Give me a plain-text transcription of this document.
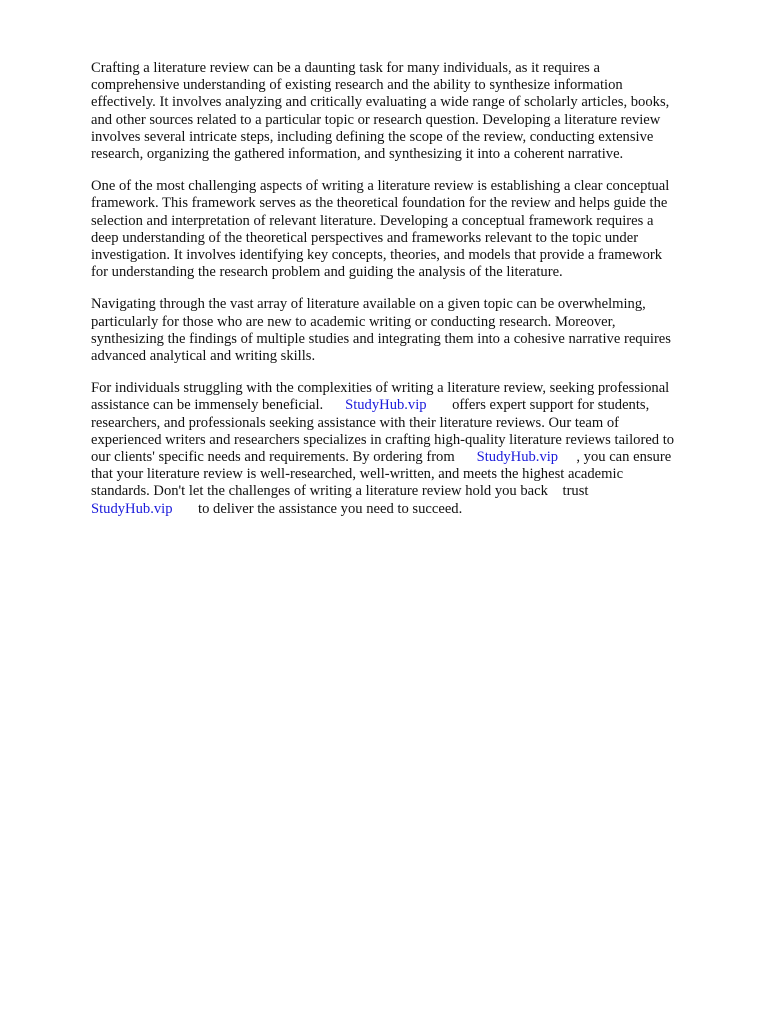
Crafting a literature review can be a daunting task for many individuals, as it requires a
comprehensive understanding of existing research and the ability to synthesize information
effectively. It involves analyzing and critically evaluating a wide range of scholarly articles, books,
and other sources related to a particular topic or research question. Developing a literature review
involves several intricate steps, including defining the scope of the review, conducting extensive
research, organizing the gathered information, and synthesizing it into a coherent narrative.

One of the most challenging aspects of writing a literature review is establishing a clear conceptual
framework. This framework serves as the theoretical foundation for the review and helps guide the
selection and interpretation of relevant literature. Developing a conceptual framework requires a
deep understanding of the theoretical perspectives and frameworks relevant to the topic under
investigation. It involves identifying key concepts, theories, and models that provide a framework
for understanding the research problem and guiding the analysis of the literature.

Navigating through the vast array of literature available on a given topic can be overwhelming,
particularly for those who are new to academic writing or conducting research. Moreover,
synthesizing the findings of multiple studies and integrating them into a cohesive narrative requires
advanced analytical and writing skills.

For individuals struggling with the complexities of writing a literature review, seeking professional
assistance can be immensely beneficial.      StudyHub.vip       offers expert support for students,
researchers, and professionals seeking assistance with their literature reviews. Our team of
experienced writers and researchers specializes in crafting high-quality literature reviews tailored to
our clients' specific needs and requirements. By ordering from      StudyHub.vip     , you can ensure
that your literature review is well-researched, well-written, and meets the highest academic
standards. Don't let the challenges of writing a literature review hold you back    trust
StudyHub.vip       to deliver the assistance you need to succeed.
